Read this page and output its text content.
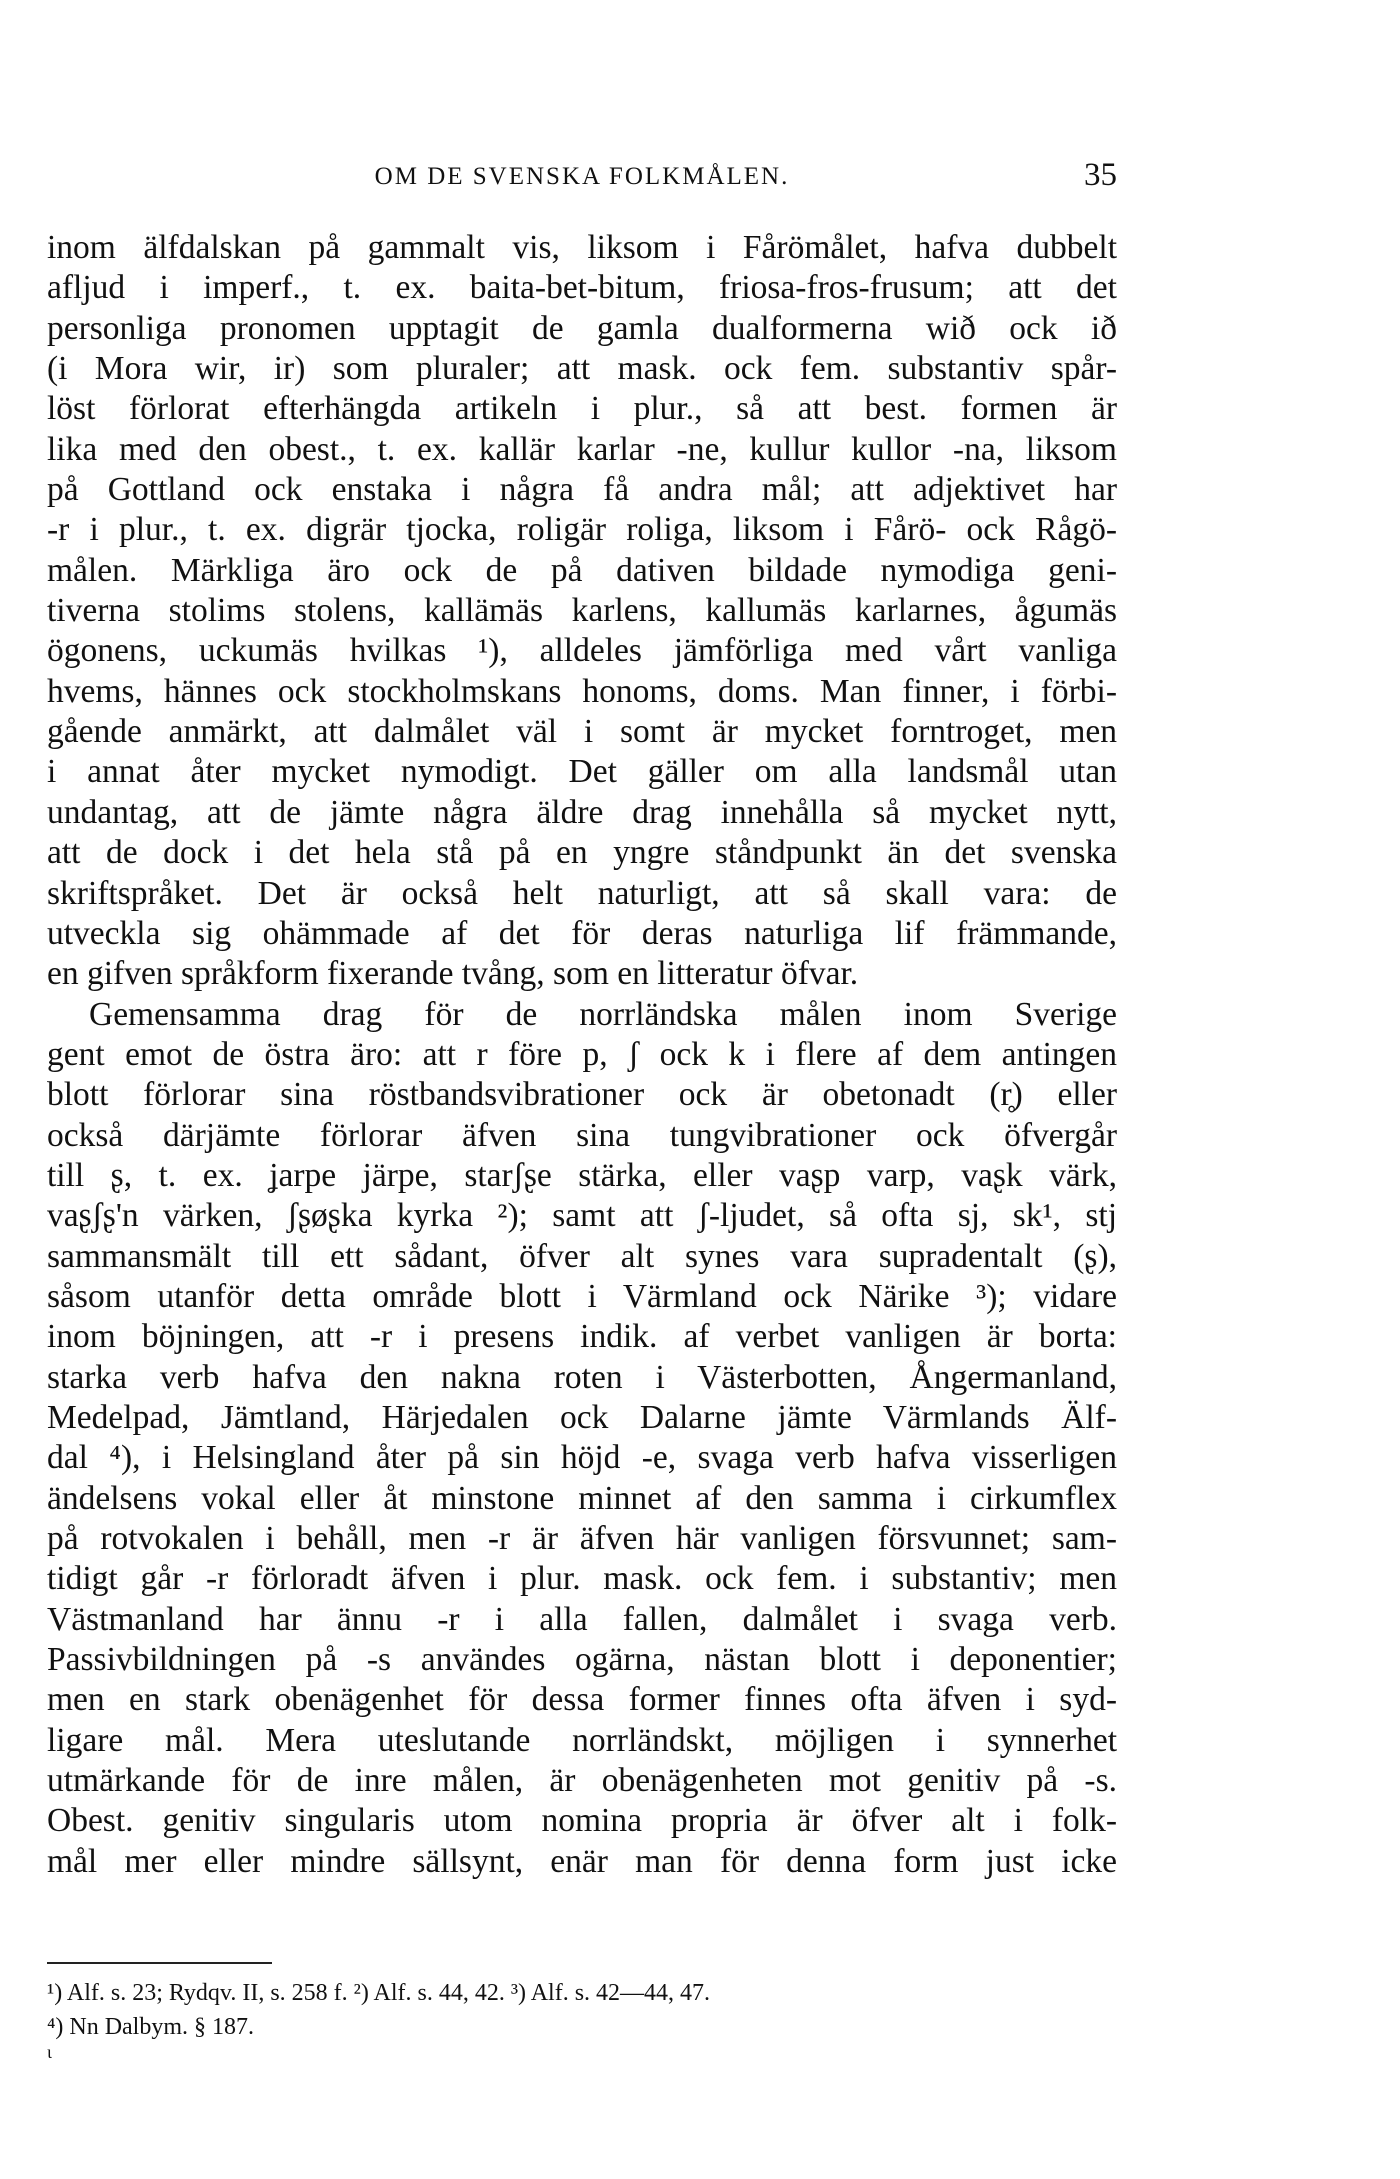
OM DE SVENSKA FOLKMÅLEN.	35
inom älfdalskan på gammalt vis, liksom i Fårömålet, hafva dubbelt
afljud i imperf., t. ex. baita-bet-bitum, friosa-fros-frusum; att det
personliga pronomen upptagit de gamla dualformerna wið ock ið
(i Mora wir, ir) som pluraler; att mask. ock fem. substantiv spår-
löst förlorat efterhängda artikeln i plur., så att best. formen är
lika med den obest., t. ex. kallär karlar -ne, kullur kullor -na, liksom
på Gottland ock enstaka i några få andra mål; att adjektivet har
-r i plur., t. ex. digrär tjocka, roligär roliga, liksom i Fårö- ock Rågö-
målen. Märkliga äro ock de på dativen bildade nymodiga geni-
tiverna stolims stolens, kallämäs karlens, kallumäs karlarnes, ågumäs
ögonens, uckumäs hvilkas ¹), alldeles jämförliga med vårt vanliga
hvems, hännes ock stockholmskans honoms, doms. Man finner, i förbi-
gående anmärkt, att dalmålet väl i somt är mycket forntroget, men
i annat åter mycket nymodigt. Det gäller om alla landsmål utan
undantag, att de jämte några äldre drag innehålla så mycket nytt,
att de dock i det hela stå på en yngre ståndpunkt än det svenska
skriftspråket. Det är också helt naturligt, att så skall vara: de
utveckla sig ohämmade af det för deras naturliga lif främmande,
en gifven språkform fixerande tvång, som en litteratur öfvar.
Gemensamma drag för de norrländska målen inom Sverige
gent emot de östra äro: att r före p, ʃ ock k i flere af dem antingen
blott förlorar sina röstbandsvibrationer ock är obetonadt (r̥) eller
också därjämte förlorar äfven sina tungvibrationer ock öfvergår
till ʂ, t. ex. ʝarpe järpe, starʃʂe stärka, eller vaʂp varp, vaʂk värk,
vaʂʃʂ'n värken, ʃʂøʂka kyrka ²); samt att ʃ-ljudet, så ofta sj, sk¹, stj
sammansmält till ett sådant, öfver alt synes vara supradentalt (ʂ),
såsom utanför detta område blott i Värmland ock Närike ³); vidare
inom böjningen, att -r i presens indik. af verbet vanligen är borta:
starka verb hafva den nakna roten i Västerbotten, Ångermanland,
Medelpad, Jämtland, Härjedalen ock Dalarne jämte Värmlands Älf-
dal ⁴), i Helsingland åter på sin höjd -e, svaga verb hafva visserligen
ändelsens vokal eller åt minstone minnet af den samma i cirkumflex
på rotvokalen i behåll, men -r är äfven här vanligen försvunnet; sam-
tidigt går -r förloradt äfven i plur. mask. ock fem. i substantiv; men
Västmanland har ännu -r i alla fallen, dalmålet i svaga verb.
Passivbildningen på -s användes ogärna, nästan blott i deponentier;
men en stark obenägenhet för dessa former finnes ofta äfven i syd-
ligare mål. Mera uteslutande norrländskt, möjligen i synnerhet
utmärkande för de inre målen, är obenägenheten mot genitiv på -s.
Obest. genitiv singularis utom nomina propria är öfver alt i folk-
mål mer eller mindre sällsynt, enär man för denna form just icke
¹) Alf. s. 23; Rydqv. II, s. 258 f. ²) Alf. s. 44, 42. ³) Alf. s. 42—44, 47.
⁴) Nn Dalbym. § 187.
ι
